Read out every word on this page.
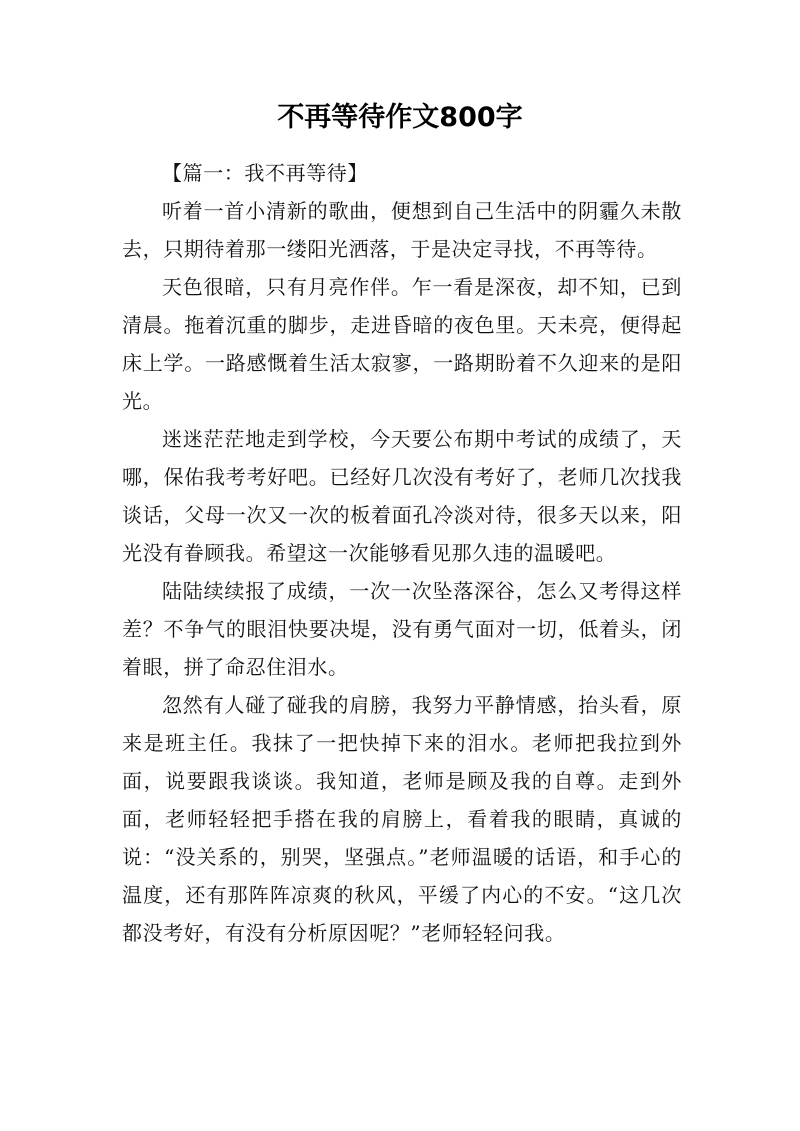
不再等待作文800字

【篇一：我不再等待】

听着一首小清新的歌曲，便想到自己生活中的阴霾久未散去，只期待着那一缕阳光洒落，于是决定寻找，不再等待。

天色很暗，只有月亮作伴。乍一看是深夜，却不知，已到清晨。拖着沉重的脚步，走进昏暗的夜色里。天未亮，便得起床上学。一路感慨着生活太寂寥，一路期盼着不久迎来的是阳光。

迷迷茫茫地走到学校，今天要公布期中考试的成绩了，天哪，保佑我考考好吧。已经好几次没有考好了，老师几次找我谈话，父母一次又一次的板着面孔冷淡对待，很多天以来，阳光没有眷顾我。希望这一次能够看见那久违的温暖吧。

陆陆续续报了成绩，一次一次坠落深谷，怎么又考得这样差？不争气的眼泪快要决堤，没有勇气面对一切，低着头，闭着眼，拼了命忍住泪水。

忽然有人碰了碰我的肩膀，我努力平静情感，抬头看，原来是班主任。我抹了一把快掉下来的泪水。老师把我拉到外面，说要跟我谈谈。我知道，老师是顾及我的自尊。走到外面，老师轻轻把手搭在我的肩膀上，看着我的眼睛，真诚的说：“没关系的，别哭，坚强点。”老师温暖的话语，和手心的温度，还有那阵阵凉爽的秋风，平缓了内心的不安。“这几次都没考好，有没有分析原因呢？”老师轻轻问我。
